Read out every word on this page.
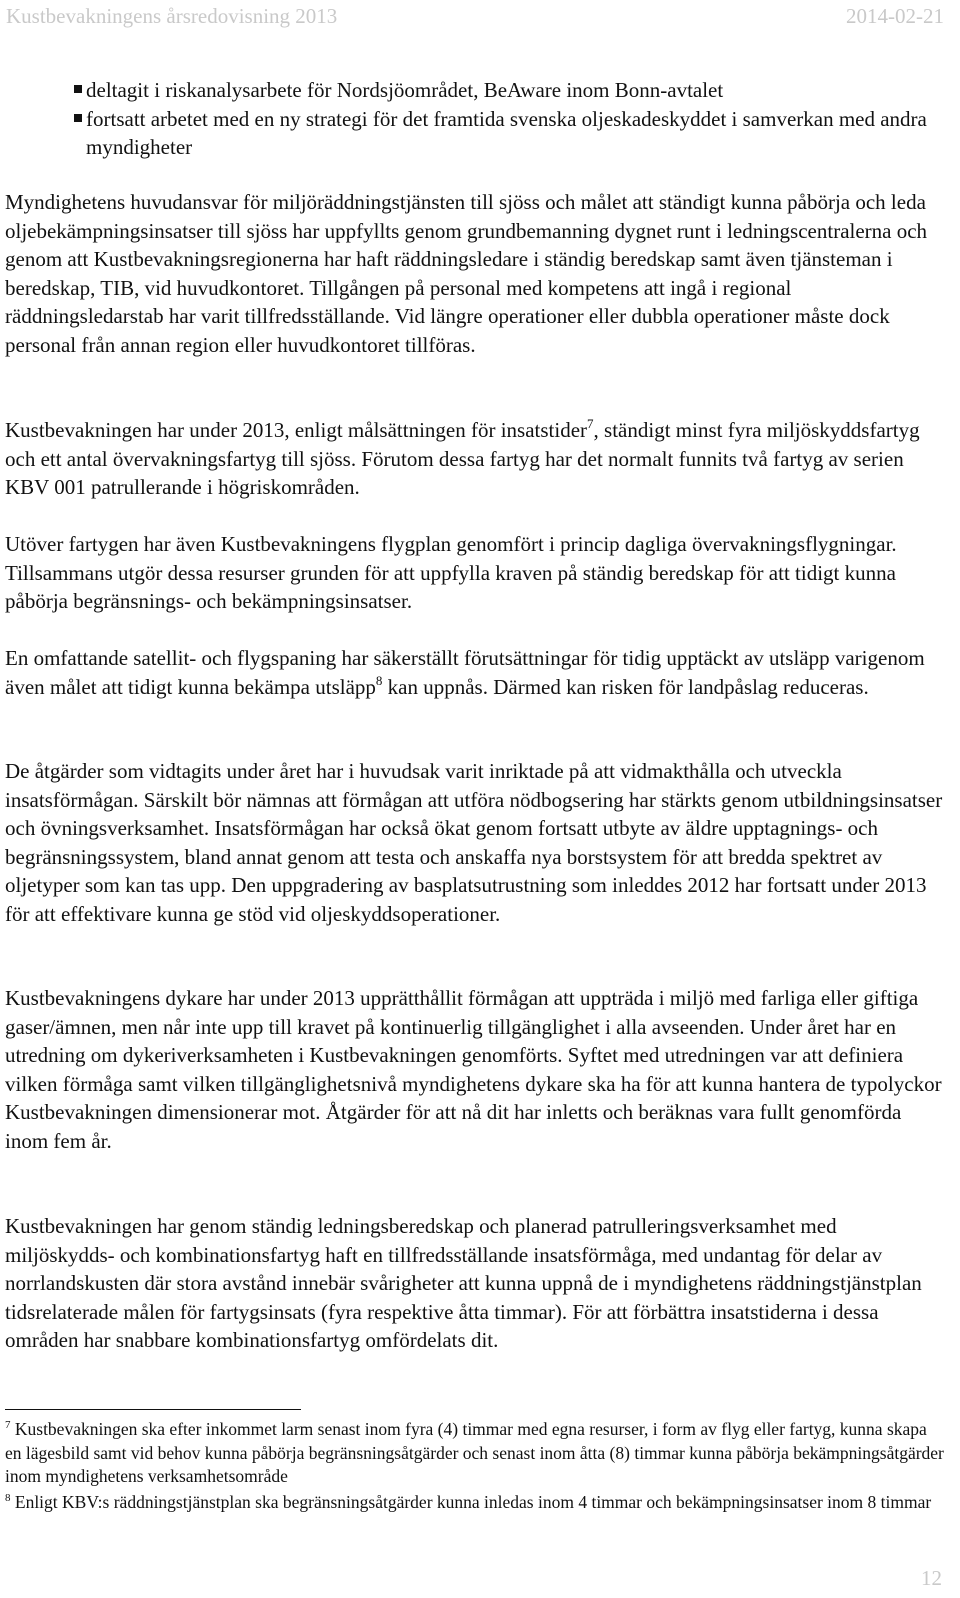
Kustbevakningens årsredovisning 2013	2014-02-21
deltagit i riskanalysarbete för Nordsjöområdet, BeAware inom Bonn-avtalet
fortsatt arbetet med en ny strategi för det framtida svenska oljeskadeskyddet i samverkan med andra myndigheter

Myndighetens huvudansvar för miljöräddningstjänsten till sjöss och målet att ständigt kunna påbörja och leda oljebekämpningsinsatser till sjöss har uppfyllts genom grundbemanning dygnet runt i ledningscentralerna och genom att Kustbevakningsregionerna har haft räddningsledare i ständig beredskap samt även tjänsteman i beredskap, TIB, vid huvudkontoret. Tillgången på personal med kompetens att ingå i regional räddningsledarstab har varit tillfredsställande. Vid längre operationer eller dubbla operationer måste dock personal från annan region eller huvudkontoret tillföras.

Kustbevakningen har under 2013, enligt målsättningen för insatstider$^7$, ständigt minst fyra miljöskyddsfartyg och ett antal övervakningsfartyg till sjöss. Förutom dessa fartyg har det normalt funnits två fartyg av serien KBV 001 patrullerande i högriskområden.

Utöver fartygen har även Kustbevakningens flygplan genomfört i princip dagliga övervakningsflygningar. Tillsammans utgör dessa resurser grunden för att uppfylla kraven på ständig beredskap för att tidigt kunna påbörja begränsnings- och bekämpningsinsatser.

En omfattande satellit- och flygspaning har säkerställt förutsättningar för tidig upptäckt av utsläpp varigenom även målet att tidigt kunna bekämpa utsläpp$^8$ kan uppnås. Därmed kan risken för landpåslag reduceras.

De åtgärder som vidtagits under året har i huvudsak varit inriktade på att vidmakthålla och utveckla insatsförmågan. Särskilt bör nämnas att förmågan att utföra nödbogsering har stärkts genom utbildningsinsatser och övningsverksamhet. Insatsförmågan har också ökat genom fortsatt utbyte av äldre upptagnings- och begränsningssystem, bland annat genom att testa och anskaffa nya borstsystem för att bredda spektret av oljetyper som kan tas upp. Den uppgradering av basplatsutrustning som inleddes 2012 har fortsatt under 2013 för att effektivare kunna ge stöd vid oljeskyddsoperationer.

Kustbevakningens dykare har under 2013 upprätthållit förmågan att uppträda i miljö med farliga eller giftiga gaser/ämnen, men når inte upp till kravet på kontinuerlig tillgänglighet i alla avseenden. Under året har en utredning om dykeriverksamheten i Kustbevakningen genomförts. Syftet med utredningen var att definiera vilken förmåga samt vilken tillgänglighetsnivå myndighetens dykare ska ha för att kunna hantera de typolyckor Kustbevakningen dimensionerar mot. Åtgärder för att nå dit har inletts och beräknas vara fullt genomförda inom fem år.

Kustbevakningen har genom ständig ledningsberedskap och planerad patrulleringsverksamhet med miljöskydds- och kombinationsfartyg haft en tillfredsställande insatsförmåga, med undantag för delar av norrlandskusten där stora avstånd innebär svårigheter att kunna uppnå de i myndighetens räddningstjänstplan tidsrelaterade målen för fartygsinsats (fyra respektive åtta timmar). För att förbättra insatstiderna i dessa områden har snabbare kombinationsfartyg omfördelats dit.

$^7$ Kustbevakningen ska efter inkommet larm senast inom fyra (4) timmar med egna resurser, i form av flyg eller fartyg, kunna skapa en lägesbild samt vid behov kunna påbörja begränsningsåtgärder och senast inom åtta (8) timmar kunna påbörja bekämpningsåtgärder inom myndighetens verksamhetsområde

$^8$ Enligt KBV:s räddningstjänstplan ska begränsningsåtgärder kunna inledas inom 4 timmar och bekämpningsinsatser inom 8 timmar

12
